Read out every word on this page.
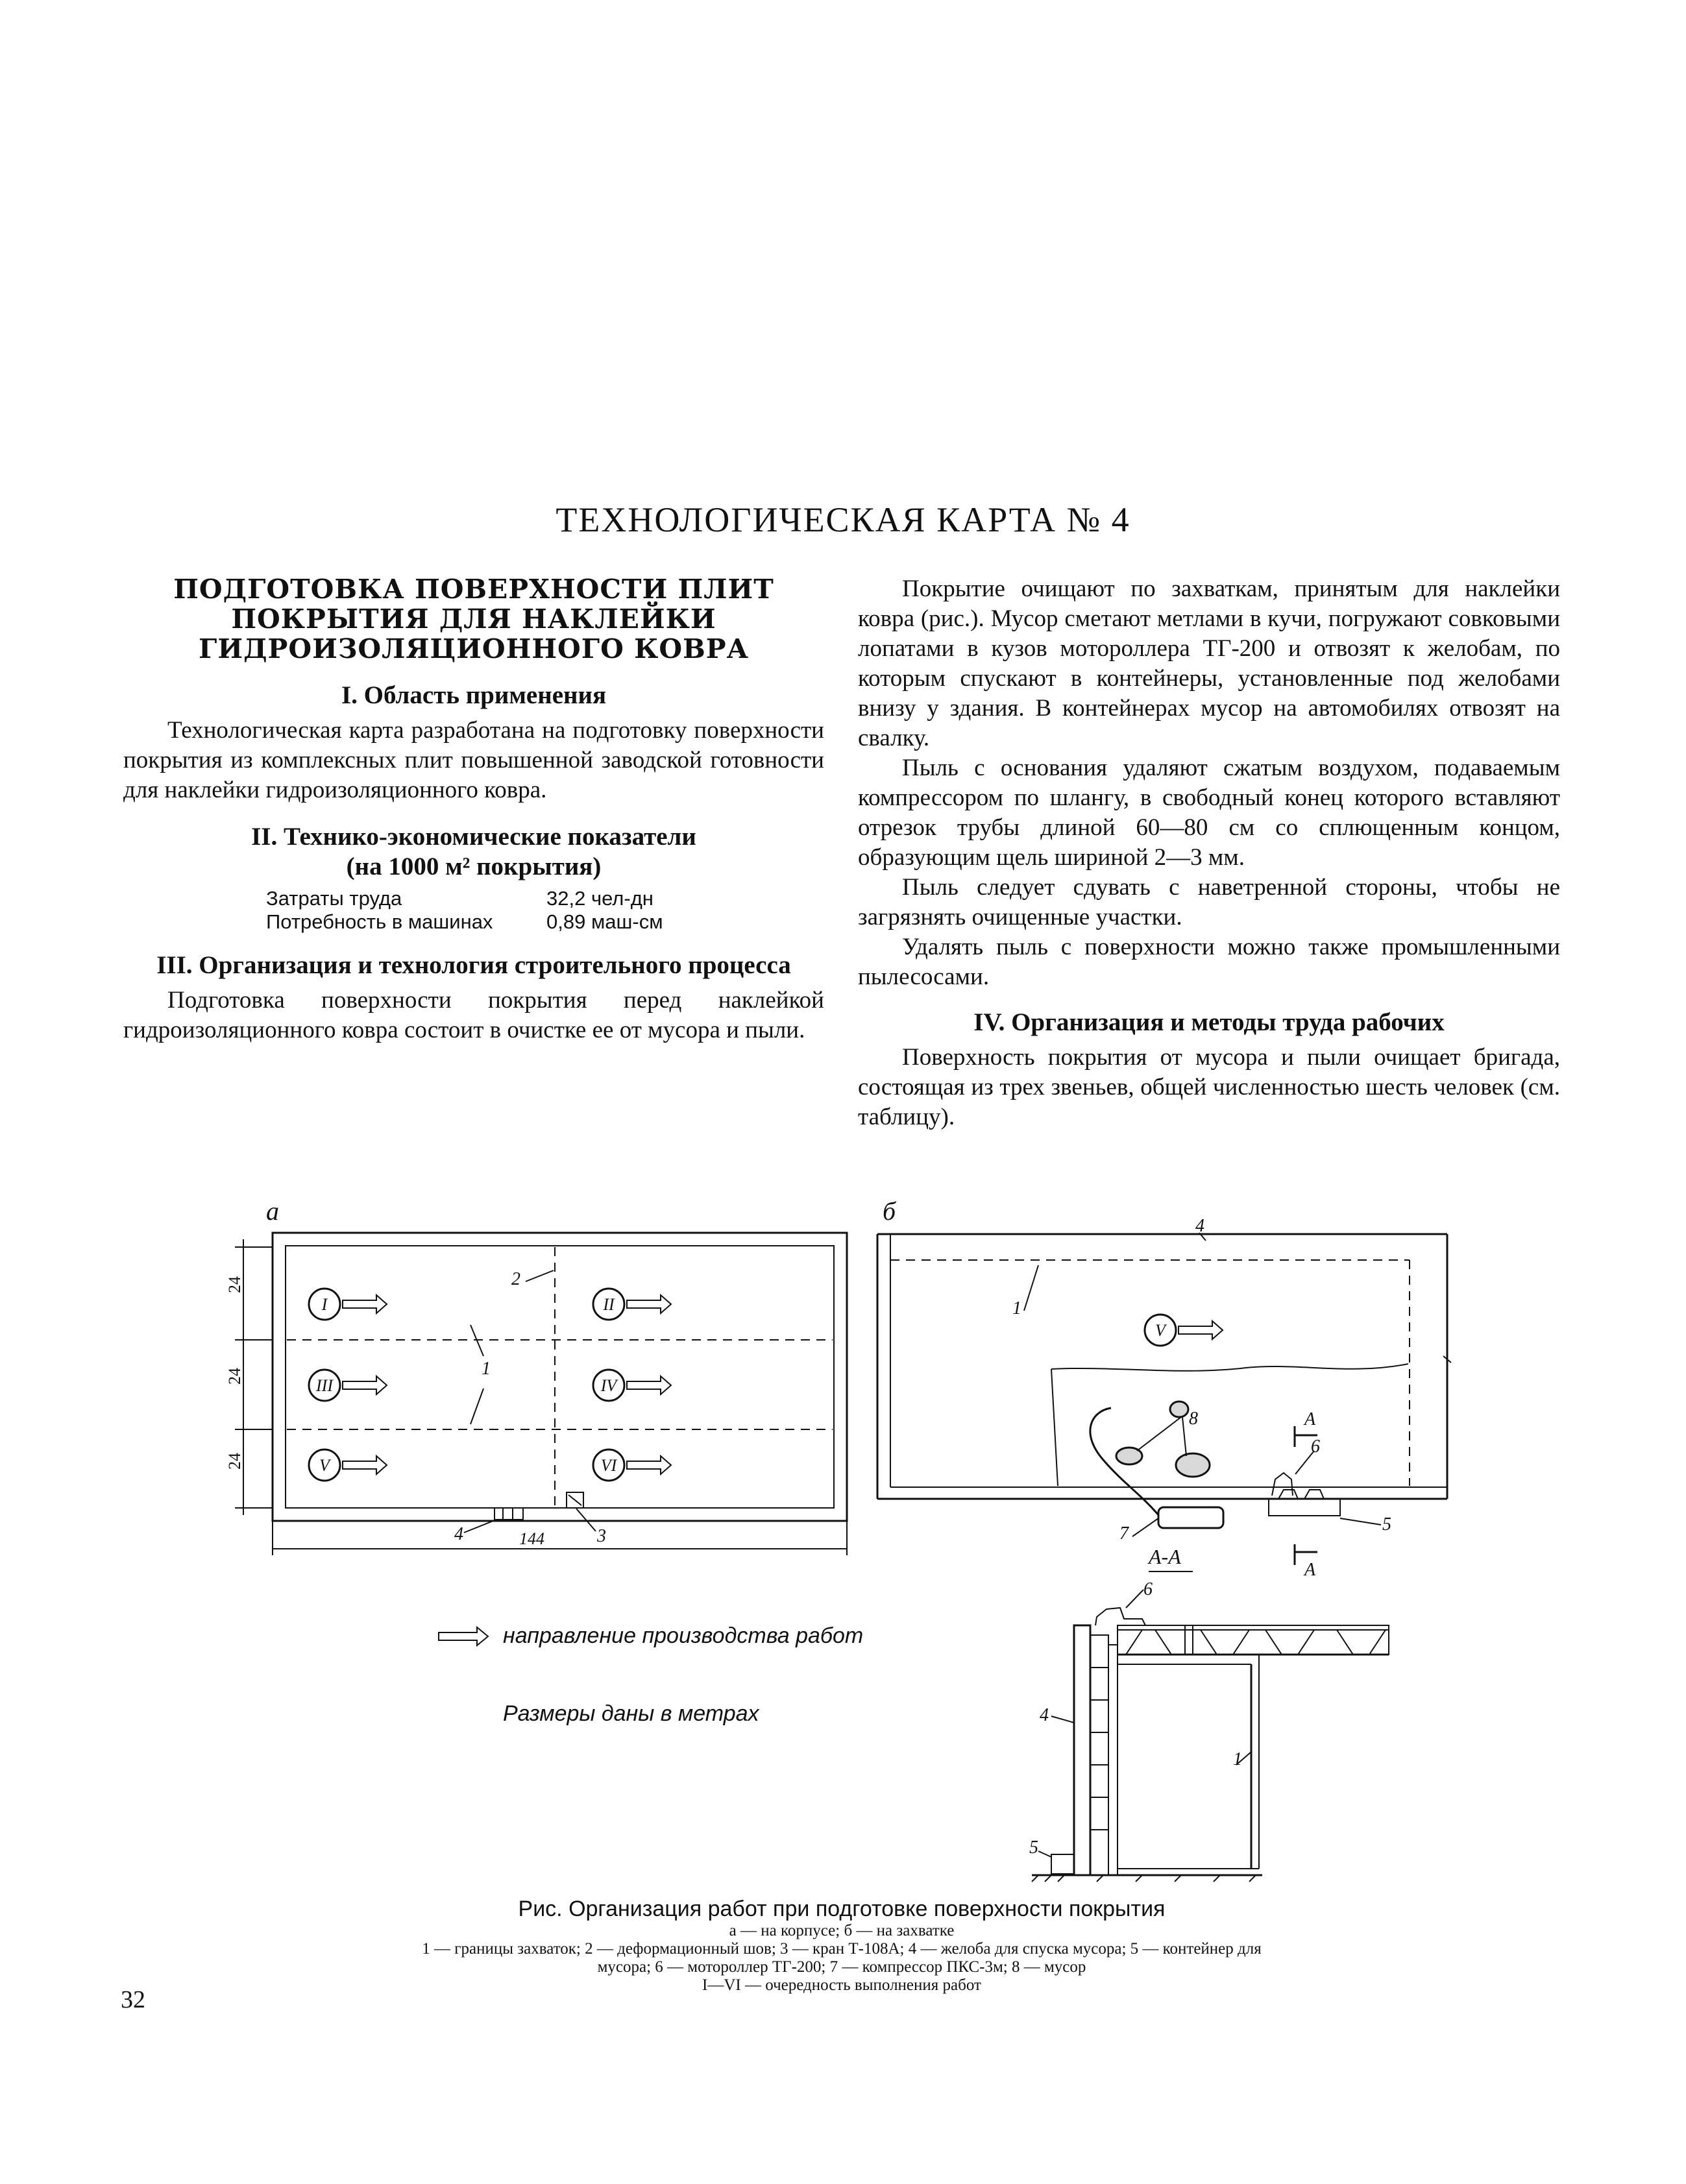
ТЕХНОЛОГИЧЕСКАЯ КАРТА № 4
ПОДГОТОВКА ПОВЕРХНОСТИ ПЛИТ
ПОКРЫТИЯ ДЛЯ НАКЛЕЙКИ
ГИДРОИЗОЛЯЦИОННОГО КОВРА
I. Область применения

Технологическая карта разработана на подготовку поверхности покрытия из комплексных плит повышенной заводской готовности для наклейки гидроизоляционного ковра.

II. Технико-экономические показатели
(на 1000 м² покрытия)
Затраты труда	32,2 чел-дн
Потребность в машинах	0,89 маш-см
III. Организация и технология строительного процесса

Подготовка поверхности покрытия перед наклейкой гидроизоляционного ковра состоит в очистке ее от мусора и пыли.

Покрытие очищают по захваткам, принятым для наклейки ковра (рис.). Мусор сметают метлами в кучи, погружают совковыми лопатами в кузов мотороллера ТГ-200 и отвозят к желобам, по которым спускают в контейнеры, установленные под желобами внизу у здания. В контейнерах мусор на автомобилях отвозят на свалку.

Пыль с основания удаляют сжатым воздухом, подаваемым компрессором по шлангу, в свободный конец которого вставляют отрезок трубы длиной 60—80 см со сплющенным концом, образующим щель шириной 2—3 мм.

Пыль следует сдувать с наветренной стороны, чтобы не загрязнять очищенные участки.

Удалять пыль с поверхности можно также промышленными пылесосами.

IV. Организация и методы труда рабочих

Поверхность покрытия от мусора и пыли очищает бригада, состоящая из трех звеньев, общей численностью шесть человек (см. таблицу).

а	б
24
24
24
144
2
1
4	3
I	II
III	IV
V	VI
V
1
4
8
6
5
7
А
А
А-А
6
4
5
1
направление производства работ
Размеры даны в метрах
Рис. Организация работ при подготовке поверхности покрытия
а — на корпусе; б — на захватке
1 — границы захваток; 2 — деформационный шов; 3 — кран Т-108А; 4 — желоба для спуска мусора; 5 — контейнер для
мусора; 6 — мотороллер ТГ-200; 7 — компрессор ПКС-3м; 8 — мусор
I—VI — очередность выполнения работ
32
